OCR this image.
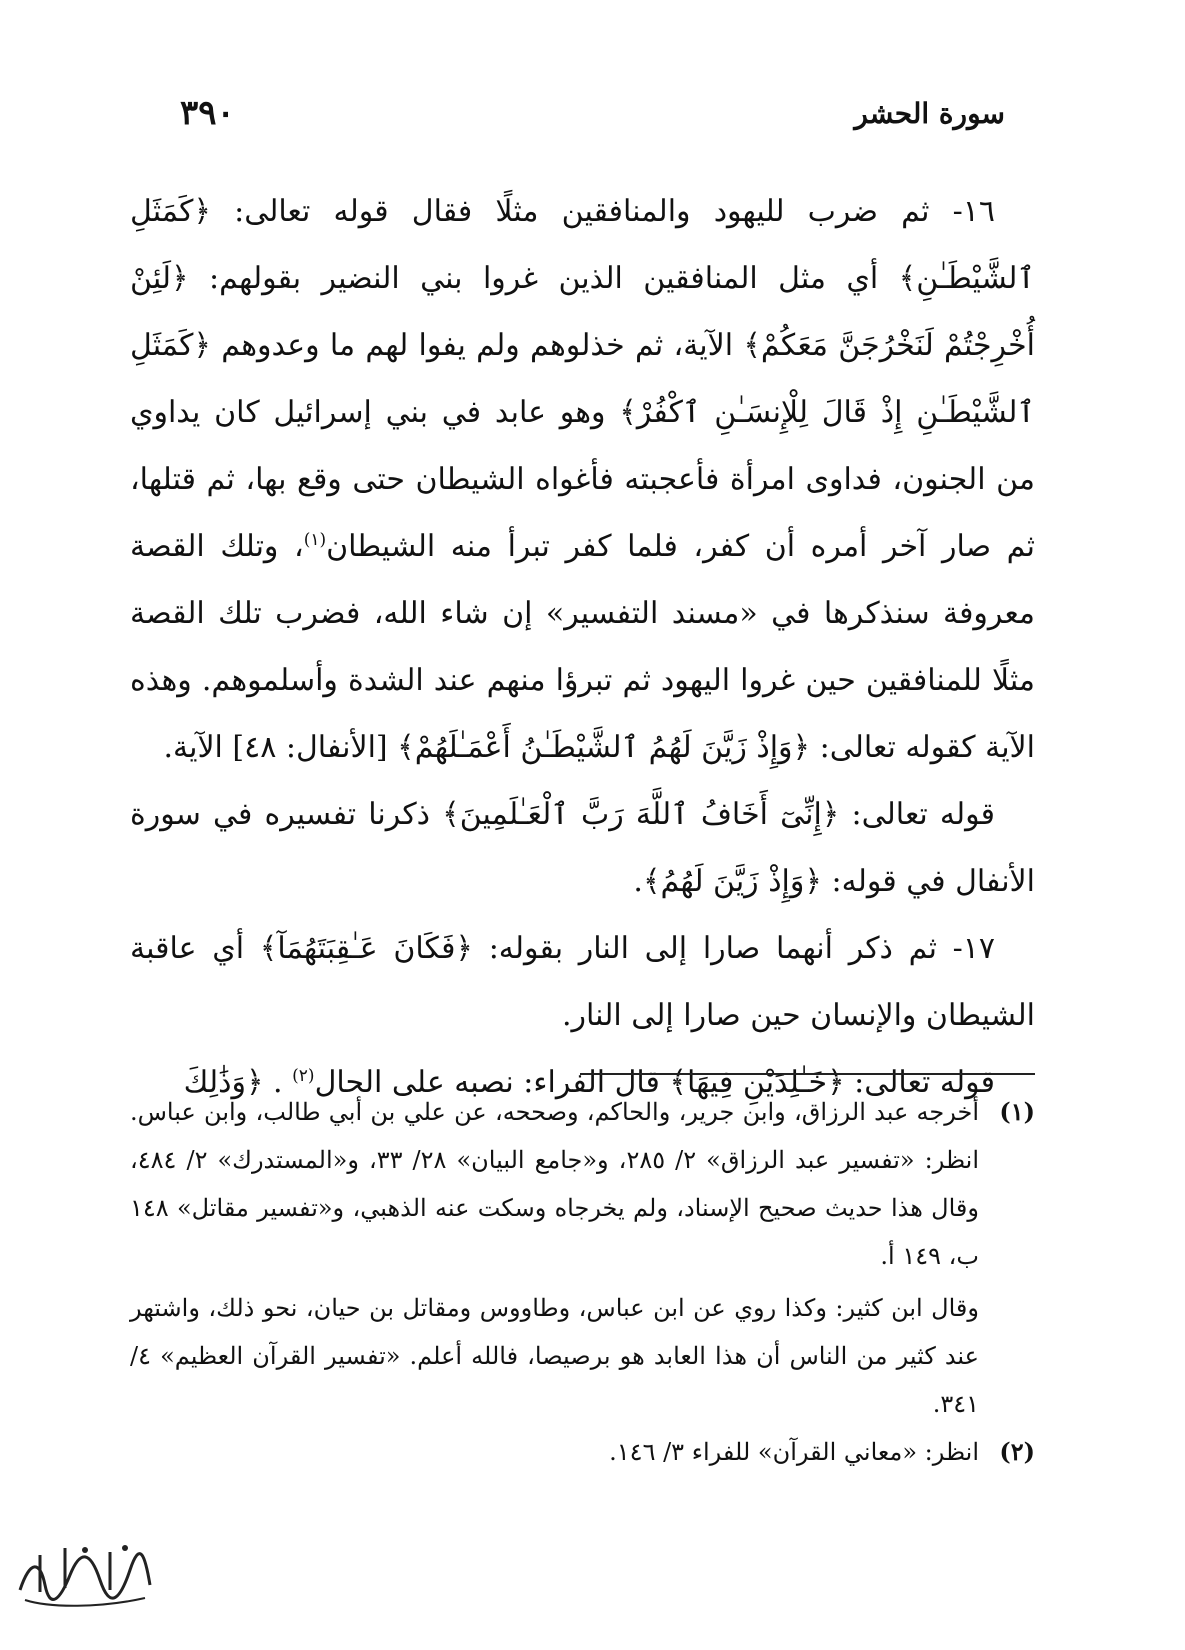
سورة الحشر
٣٩٠

١٦- ثم ضرب لليهود والمنافقين مثلًا فقال قوله تعالى: ﴿كَمَثَلِ ٱلشَّيْطَـٰنِ﴾ أي مثل المنافقين الذين غروا بني النضير بقولهم: ﴿لَئِنْ أُخْرِجْتُمْ لَنَخْرُجَنَّ مَعَكُمْ﴾ الآية، ثم خذلوهم ولم يفوا لهم ما وعدوهم ﴿كَمَثَلِ ٱلشَّيْطَـٰنِ إِذْ قَالَ لِلْإِنسَـٰنِ ٱكْفُرْ﴾ وهو عابد في بني إسرائيل كان يداوي من الجنون، فداوى امرأة فأعجبته فأغواه الشيطان حتى وقع بها، ثم قتلها، ثم صار آخر أمره أن كفر، فلما كفر تبرأ منه الشيطان$^{(١)}$، وتلك القصة معروفة سنذكرها في «مسند التفسير» إن شاء الله، فضرب تلك القصة مثلًا للمنافقين حين غروا اليهود ثم تبرؤا منهم عند الشدة وأسلموهم. وهذه الآية كقوله تعالى: ﴿وَإِذْ زَيَّنَ لَهُمُ ٱلشَّيْطَـٰنُ أَعْمَـٰلَهُمْ﴾ [الأنفال: ٤٨] الآية.

قوله تعالى: ﴿إِنِّىٓ أَخَافُ ٱللَّهَ رَبَّ ٱلْعَـٰلَمِينَ﴾ ذكرنا تفسيره في سورة الأنفال في قوله: ﴿وَإِذْ زَيَّنَ لَهُمُ﴾.

١٧- ثم ذكر أنهما صارا إلى النار بقوله: ﴿فَكَانَ عَـٰقِبَتَهُمَآ﴾ أي عاقبة الشيطان والإنسان حين صارا إلى النار.

قوله تعالى: ﴿خَـٰلِدَيْنِ فِيهَا﴾ قال الفراء: نصبه على الحال$^{(٢)}$ . ﴿وَذَٰلِكَ

(١)

أخرجه عبد الرزاق، وابن جرير، والحاكم، وصححه، عن علي بن أبي طالب، وابن عباس. انظر: «تفسير عبد الرزاق» ٢/ ٢٨٥، و«جامع البيان» ٢٨/ ٣٣، و«المستدرك» ٢/ ٤٨٤، وقال هذا حديث صحيح الإسناد، ولم يخرجاه وسكت عنه الذهبي، و«تفسير مقاتل» ١٤٨ ب، ١٤٩ أ.

وقال ابن كثير: وكذا روي عن ابن عباس، وطاووس ومقاتل بن حيان، نحو ذلك، واشتهر عند كثير من الناس أن هذا العابد هو برصيصا، فالله أعلم. «تفسير القرآن العظيم» ٤/ ٣٤١.

(٢)

انظر: «معاني القرآن» للفراء ٣/ ١٤٦.
